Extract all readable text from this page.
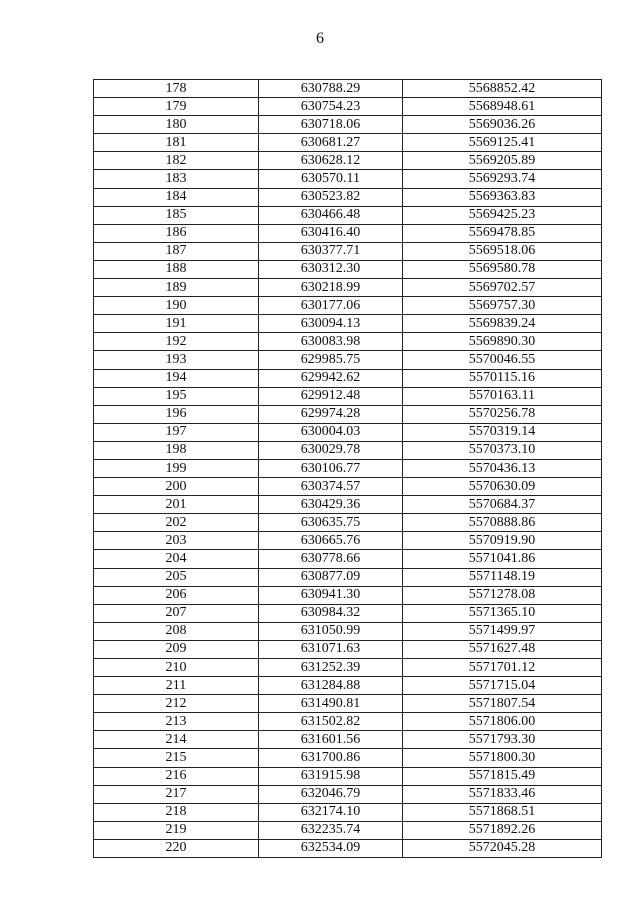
6
178	630788.29	5568852.42
179	630754.23	5568948.61
180	630718.06	5569036.26
181	630681.27	5569125.41
182	630628.12	5569205.89
183	630570.11	5569293.74
184	630523.82	5569363.83
185	630466.48	5569425.23
186	630416.40	5569478.85
187	630377.71	5569518.06
188	630312.30	5569580.78
189	630218.99	5569702.57
190	630177.06	5569757.30
191	630094.13	5569839.24
192	630083.98	5569890.30
193	629985.75	5570046.55
194	629942.62	5570115.16
195	629912.48	5570163.11
196	629974.28	5570256.78
197	630004.03	5570319.14
198	630029.78	5570373.10
199	630106.77	5570436.13
200	630374.57	5570630.09
201	630429.36	5570684.37
202	630635.75	5570888.86
203	630665.76	5570919.90
204	630778.66	5571041.86
205	630877.09	5571148.19
206	630941.30	5571278.08
207	630984.32	5571365.10
208	631050.99	5571499.97
209	631071.63	5571627.48
210	631252.39	5571701.12
211	631284.88	5571715.04
212	631490.81	5571807.54
213	631502.82	5571806.00
214	631601.56	5571793.30
215	631700.86	5571800.30
216	631915.98	5571815.49
217	632046.79	5571833.46
218	632174.10	5571868.51
219	632235.74	5571892.26
220	632534.09	5572045.28
